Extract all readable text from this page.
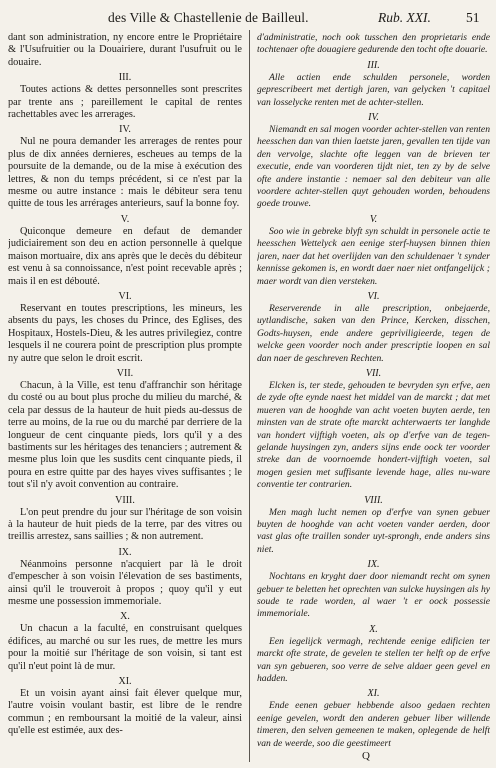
des Ville & Chastellenie de Bailleul.	Rub. XXI.	51

dant son administration, ny encore entre le Propriétaire & l'Usufruitier ou la Douairiere, durant l'usufruit ou le douaire.

III.

Toutes actions & dettes personnelles sont prescrites par trente ans ; pareillement le capital de rentes rachettables avec les arrerages.

IV.

Nul ne poura demander les arrerages de rentes pour plus de dix années dernieres, escheues au temps de la poursuite de la demande, ou de la mise à exécution des lettres, & non du temps précédent, si ce n'est par la mesme ou autre instance : mais le débiteur sera tenu quitte de tous les arrérages anterieurs, sauf la bonne foy.

V.

Quiconque demeure en defaut de demander judiciairement son deu en action personnelle à quelque maison mortuaire, dix ans après que le decès du débiteur est venu à sa connoissance, n'est point recevable après ; mais il en est débouté.

VI.

Reservant en toutes prescriptions, les mineurs, les absents du pays, les choses du Prince, des Eglises, des Hospitaux, Hostels-Dieu, & les autres privilegiez, contre lesquels il ne courera point de prescription plus prompte ny autre que selon le droit escrit.

VII.

Chacun, à la Ville, est tenu d'affranchir son héritage du costé ou au bout plus proche du milieu du marché, & cela par dessus de la hauteur de huit pieds au-dessus de terre au moins, de la rue ou du marché par derriere de la longueur de cent cinquante pieds, lors qu'il y a des bastiments sur les héritages des tenanciers ; autrement & mesme plus loin que les susdits cent cinquante pieds, il poura en estre quitte par des hayes vives suffisantes ; le tout s'il n'y avoit convention au contraire.

VIII.

L'on peut prendre du jour sur l'héritage de son voisin à la hauteur de huit pieds de la terre, par des vitres ou treillis arrestez, sans saillies ; & non autrement.

IX.

Néanmoins personne n'acquiert par là le droit d'empescher à son voisin l'élevation de ses bastiments, ainsi qu'il le trouveroit à propos ; quoy qu'il y eut mesme une possession immemoriale.

X.

Un chacun a la faculté, en construisant quelques édifices, au marché ou sur les rues, de mettre les murs pour la moitié sur l'héritage de son voisin, si tant est qu'il n'eut point là de mur.

XI.

Et un voisin ayant ainsi fait élever quelque mur, l'autre voisin voulant bastir, est libre de le rendre commun ; en remboursant la moitié de la valeur, ainsi qu'elle est estimée, aux des-

d'administratie, noch ook tusschen den proprietaris ende tochtenaer ofte douagiere gedurende den tocht ofte douarie.

III.

Alle actien ende schulden personele, worden geprescribeert met dertigh jaren, van gelycken 't capitael van losselycke renten met de achter-stellen.

IV.

Niemandt en sal mogen voorder achter-stellen van renten heesschen dan van thien laetste jaren, gevallen ten tijde van den vervolge, slachte ofte leggen van de brieven ter executie, ende van voorderen tijdt niet, ten zy by de selve ofte andere instantie : nemaer sal den debiteur van alle voordere achter-stellen quyt gehouden worden, behoudens goede trouwe.

V.

Soo wie in gebreke blyft syn schuldt in personele actie te heesschen Wettelyck aen eenige sterf-huysen binnen thien jaren, naer dat het overlijden van den schuldenaer 't synder kennisse gekomen is, en wordt daer naer niet ontfangelijck ; maer wordt van dien versteken.

VI.

Reserverende in alle prescription, onbejaerde, uytlandische, saken van den Prince, Kercken, disschen, Godts-huysen, ende andere gepriviligieerde, tegen de welcke geen voorder noch ander prescriptie loopen en sal dan naer de geschreven Rechten.

VII.

Elcken is, ter stede, gehouden te bevryden syn erfve, aen de zyde ofte eynde naest het middel van de marckt ; dat met mueren van de hooghde van acht voeten buyten aerde, ten minsten van de strate ofte marckt achterwaerts ter langhde van hondert vijftigh voeten, als op d'erfve van de tegen-gelande huysingen zyn, anders sijns ende oock ter voorder streke dan de voornoemde hondert-vijftigh voeten, sal mogen gesien met suffisante levende hage, alles nu-ware conventie ter contrarien.

VIII.

Men magh lucht nemen op d'erfve van synen gebuer buyten de hooghde van acht voeten vander aerden, door vast glas ofte traillen sonder uyt-sprongh, ende anders sins niet.

IX.

Nochtans en kryght daer door niemandt recht om synen gebuer te beletten het oprechten van sulcke huysingen als hy soude te rade worden, al waer 't er oock possessie immemoriale.

X.

Een iegelijck vermagh, rechtende eenige edificien ter marckt ofte strate, de gevelen te stellen ter helft op de erfve van syn gebueren, soo verre de selve aldaer geen gevel en hadden.

XI.

Ende eenen gebuer hebbende alsoo gedaen rechten eenige gevelen, wordt den anderen gebuer liber willende timeren, den selven gemeenen te maken, oplegende de helft van de weerde, soo die geestimeert

Q
